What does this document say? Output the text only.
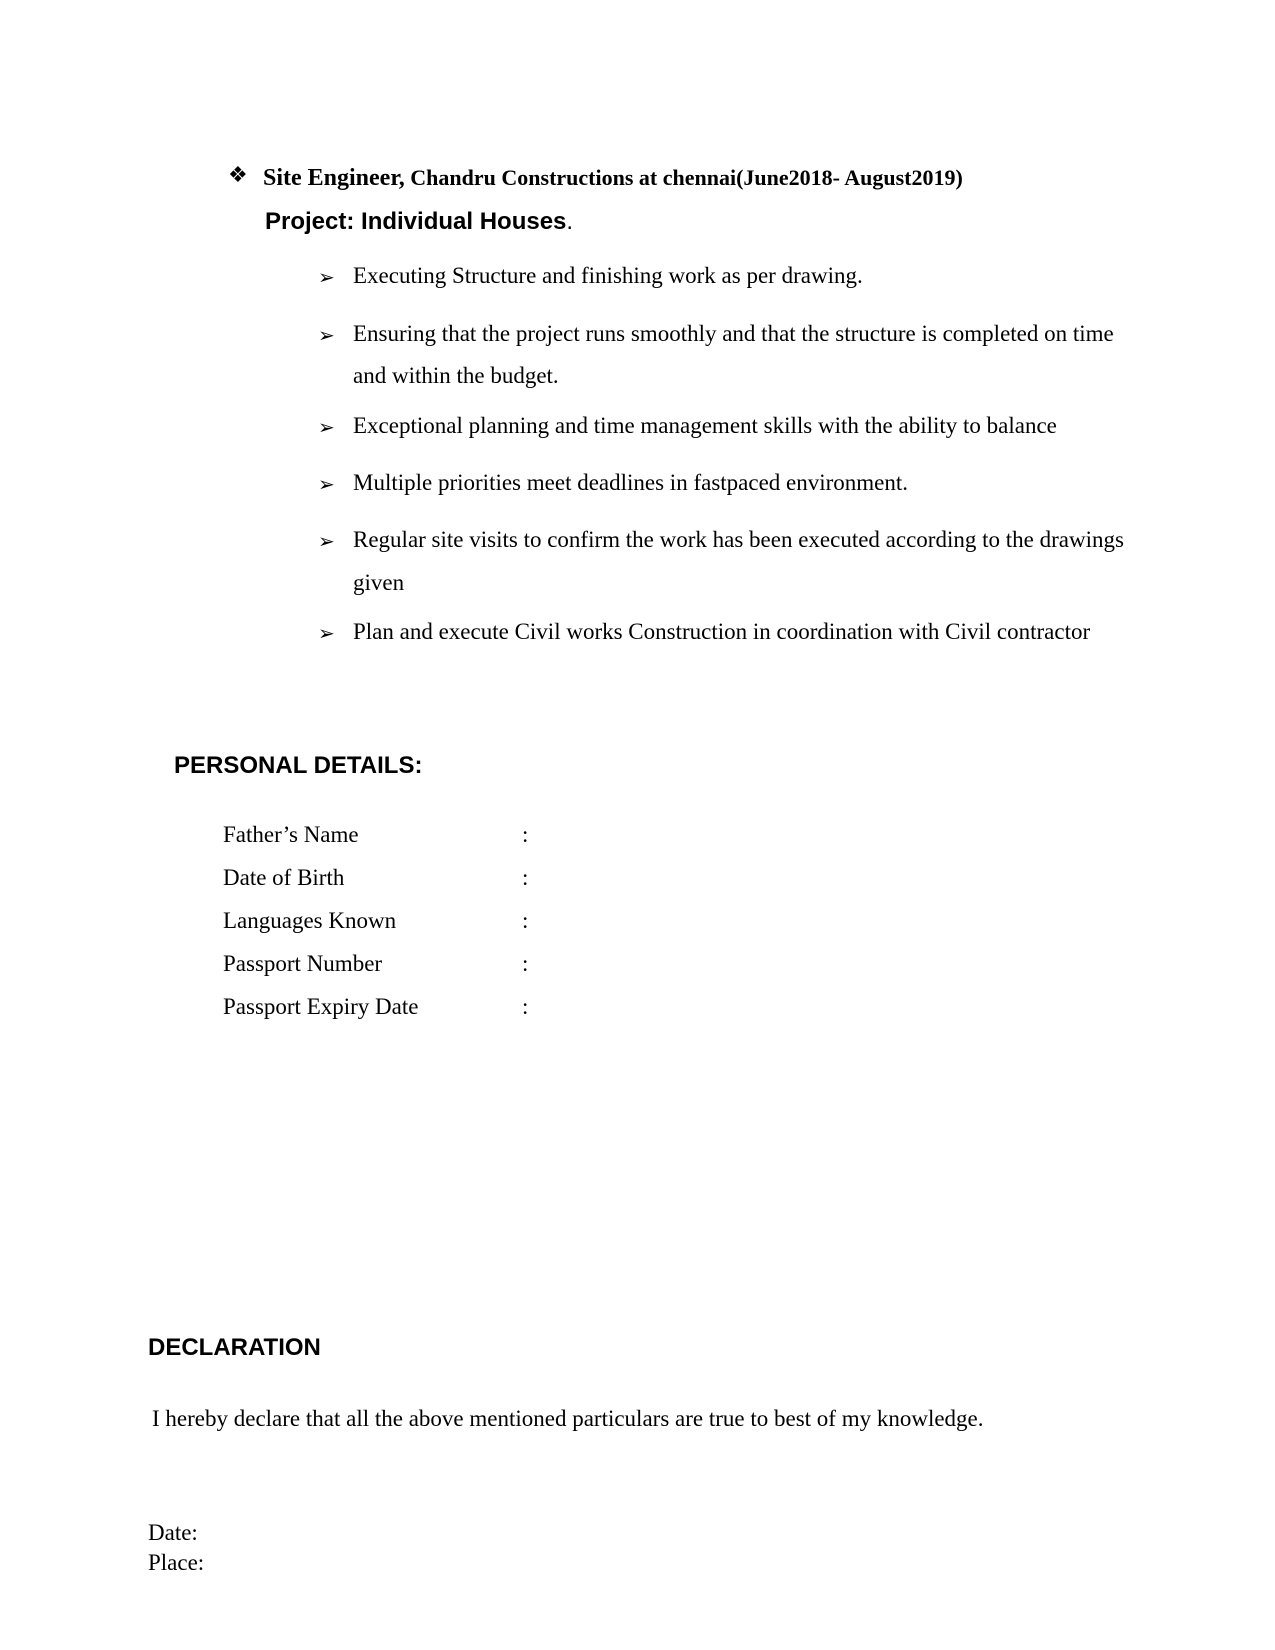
❖ Site Engineer, Chandru Constructions at chennai(June2018- August2019)
Project: Individual Houses.
➢ Executing Structure and finishing work as per drawing.
➢ Ensuring that the project runs smoothly and that the structure is completed on time
and within the budget.
➢ Exceptional planning and time management skills with the ability to balance
➢ Multiple priorities meet deadlines in fastpaced environment.
➢ Regular site visits to confirm the work has been executed according to the drawings
given
➢ Plan and execute Civil works Construction in coordination with Civil contractor
PERSONAL DETAILS:
Father’s Name	:
Date of Birth	:
Languages Known	:
Passport Number	:
Passport Expiry Date	:
DECLARATION
I hereby declare that all the above mentioned particulars are true to best of my knowledge.
Date:
Place:
